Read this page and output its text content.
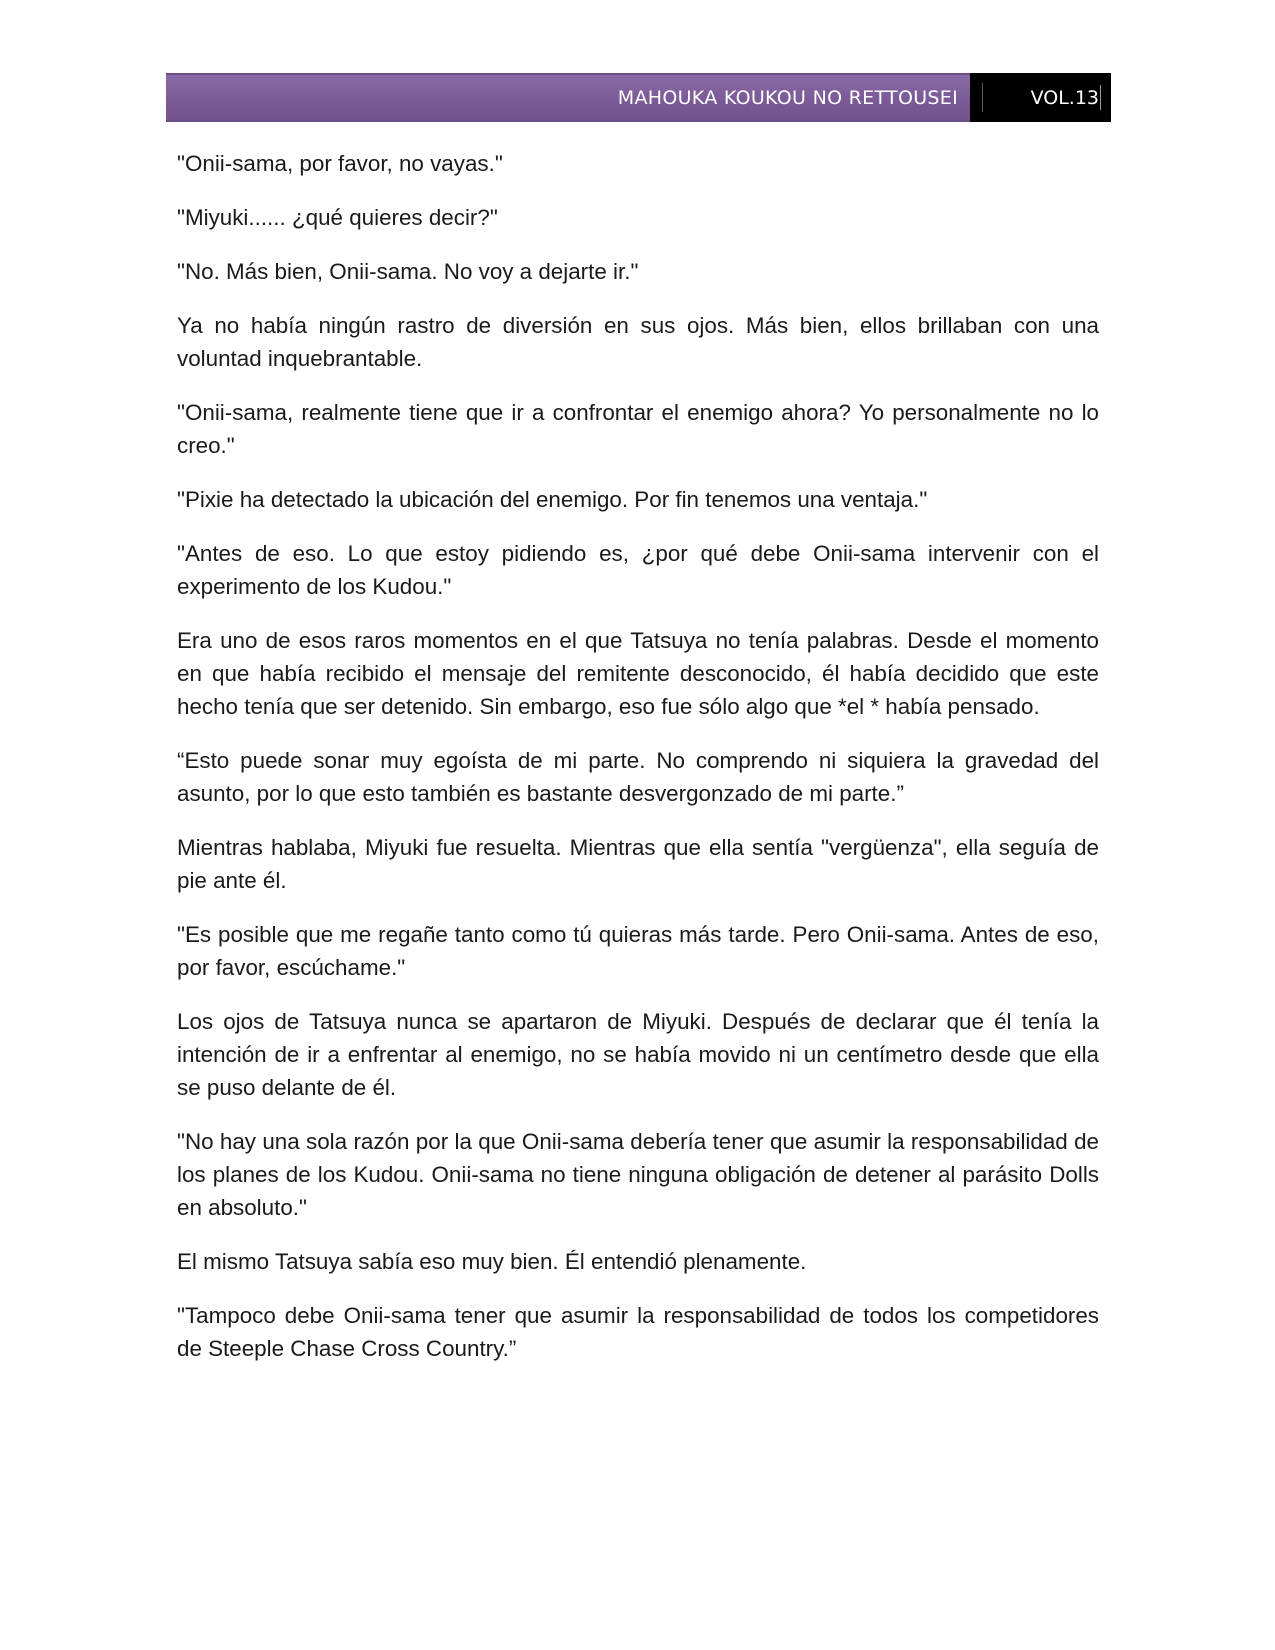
MAHOUKA KOUKOU NO RETTOUSEI	VOL.13

"Onii-sama, por favor, no vayas."

"Miyuki...... ¿qué quieres decir?"

"No. Más bien, Onii-sama. No voy a dejarte ir."

Ya no había ningún rastro de diversión en sus ojos. Más bien, ellos brillaban con una voluntad inquebrantable.

"Onii-sama, realmente tiene que ir a confrontar el enemigo ahora? Yo personalmente no lo creo."

"Pixie ha detectado la ubicación del enemigo. Por fin tenemos una ventaja."

"Antes de eso. Lo que estoy pidiendo es, ¿por qué debe Onii-sama intervenir con el experimento de los Kudou."

Era uno de esos raros momentos en el que Tatsuya no tenía palabras. Desde el momento en que había recibido el mensaje del remitente desconocido, él había decidido que este hecho tenía que ser detenido. Sin embargo, eso fue sólo algo que *el * había pensado.

“Esto puede sonar muy egoísta de mi parte. No comprendo ni siquiera la gravedad del asunto, por lo que esto también es bastante desvergonzado de mi parte.”

Mientras hablaba, Miyuki fue resuelta. Mientras que ella sentía "vergüenza", ella seguía de pie ante él.

"Es posible que me regañe tanto como tú quieras más tarde. Pero Onii-sama. Antes de eso, por favor, escúchame."

Los ojos de Tatsuya nunca se apartaron de Miyuki. Después de declarar que él tenía la intención de ir a enfrentar al enemigo, no se había movido ni un centímetro desde que ella se puso delante de él.

"No hay una sola razón por la que Onii-sama debería tener que asumir la responsabilidad de los planes de los Kudou. Onii-sama no tiene ninguna obligación de detener al parásito Dolls en absoluto."

El mismo Tatsuya sabía eso muy bien. Él entendió plenamente.

"Tampoco debe Onii-sama tener que asumir la responsabilidad de todos los competidores de Steeple Chase Cross Country.”
